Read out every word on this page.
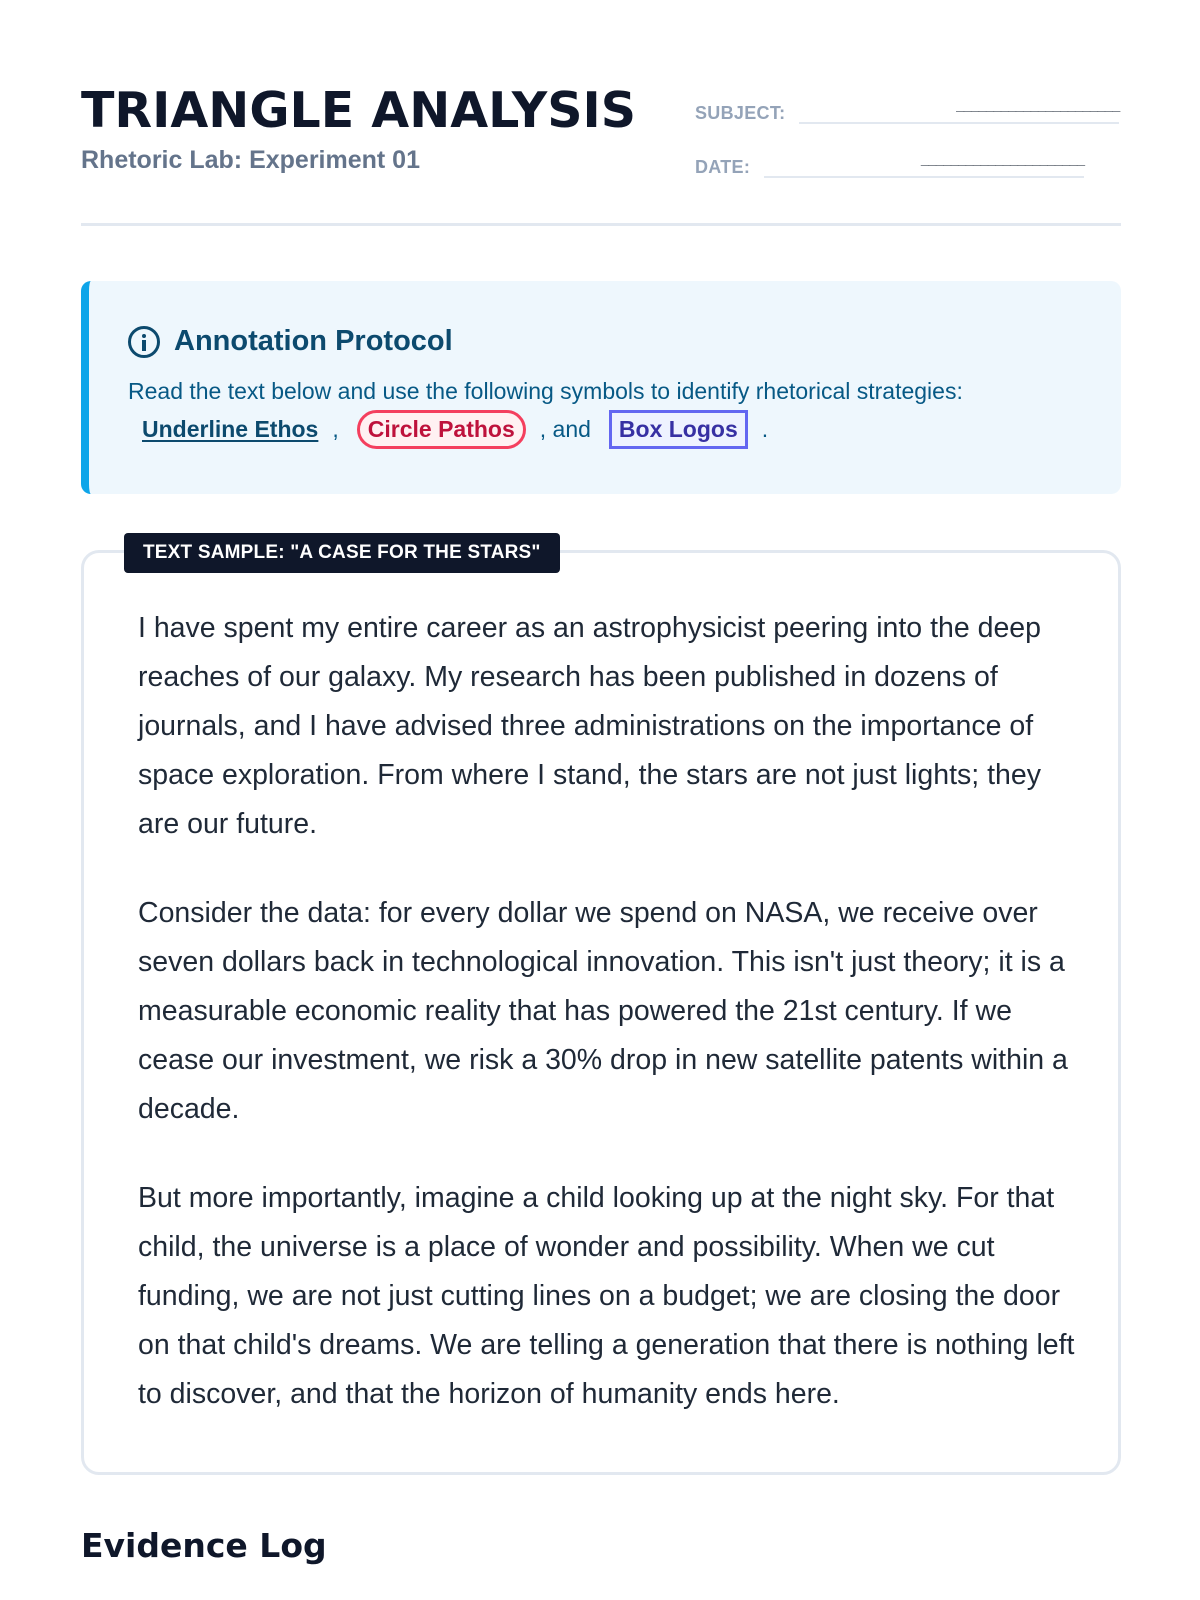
TRIANGLE ANALYSIS
Rhetoric Lab: Experiment 01
SUBJECT:	______________________
DATE:	______________________
Annotation Protocol
Read the text below and use the following symbols to identify rhetorical strategies:
Underline Ethos ,	Circle Pathos	, and	Box Logos	.
TEXT SAMPLE: "A CASE FOR THE STARS"

I have spent my entire career as an astrophysicist peering into the deep reaches of our galaxy. My research has been published in dozens of journals, and I have advised three administrations on the importance of space exploration. From where I stand, the stars are not just lights; they are our future.

Consider the data: for every dollar we spend on NASA, we receive over seven dollars back in technological innovation. This isn't just theory; it is a measurable economic reality that has powered the 21st century. If we cease our investment, we risk a 30% drop in new satellite patents within a decade.

But more importantly, imagine a child looking up at the night sky. For that child, the universe is a place of wonder and possibility. When we cut funding, we are not just cutting lines on a budget; we are closing the door on that child's dreams. We are telling a generation that there is nothing left to discover, and that the horizon of humanity ends here.

Evidence Log
